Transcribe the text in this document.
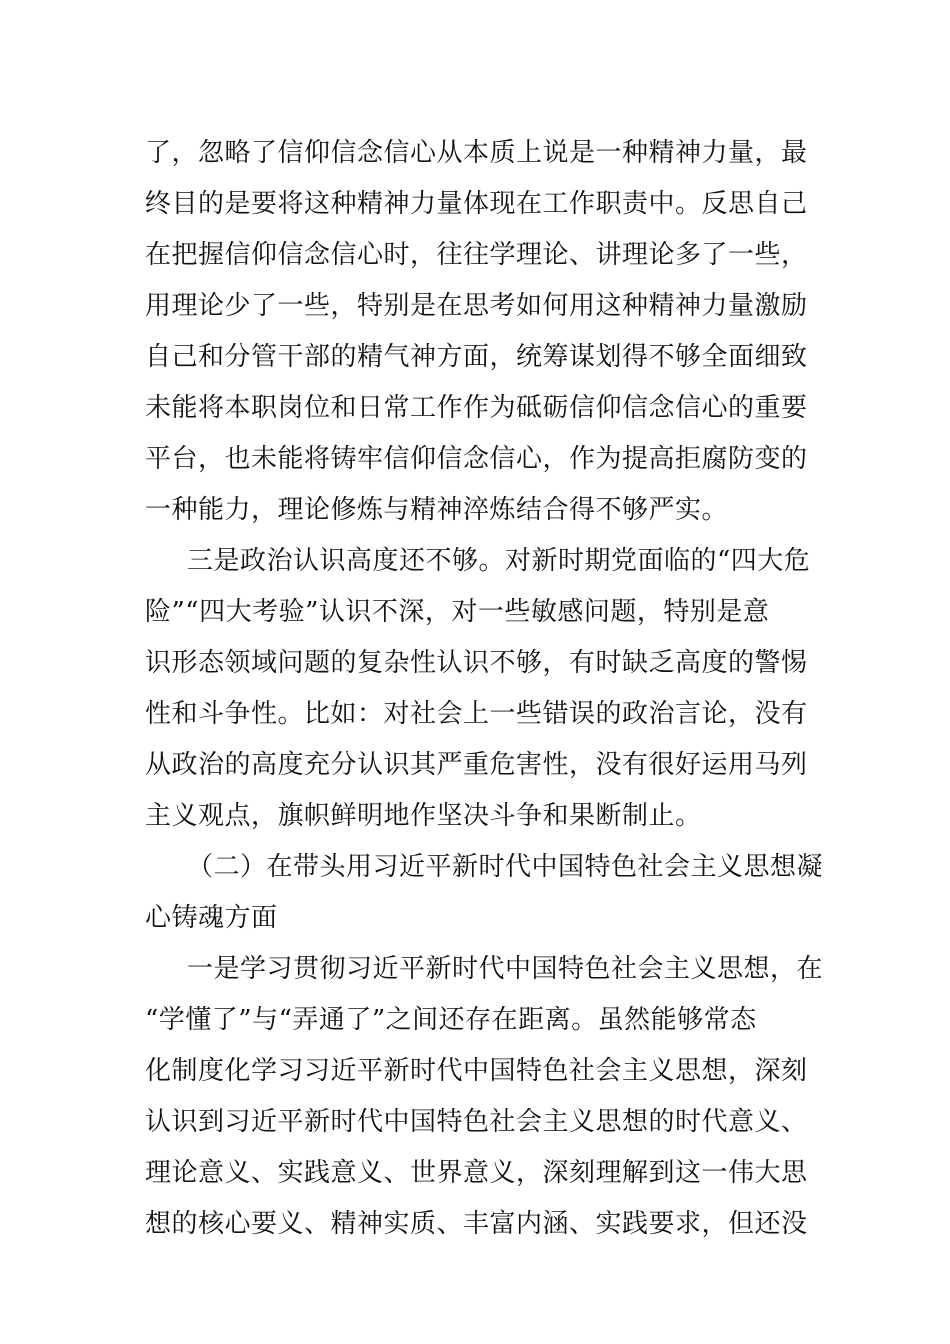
了，忽略了信仰信念信心从本质上说是一种精神力量，最
终目的是要将这种精神力量体现在工作职责中。反思自己
在把握信仰信念信心时，往往学理论、讲理论多了一些，
用理论少了一些，特别是在思考如何用这种精神力量激励
自己和分管干部的精气神方面，统筹谋划得不够全面细致
未能将本职岗位和日常工作作为砥砺信仰信念信心的重要
平台，也未能将铸牢信仰信念信心，作为提高拒腐防变的
一种能力，理论修炼与精神淬炼结合得不够严实。
三是政治认识高度还不够。对新时期党面临的“四大危
险”“四大考验”认识不深，对一些敏感问题，特别是意
识形态领域问题的复杂性认识不够，有时缺乏高度的警惕
性和斗争性。比如：对社会上一些错误的政治言论，没有
从政治的高度充分认识其严重危害性，没有很好运用马列
主义观点，旗帜鲜明地作坚决斗争和果断制止。
（二）在带头用习近平新时代中国特色社会主义思想凝
心铸魂方面
一是学习贯彻习近平新时代中国特色社会主义思想，在
“学懂了”与“弄通了”之间还存在距离。虽然能够常态
化制度化学习习近平新时代中国特色社会主义思想，深刻
认识到习近平新时代中国特色社会主义思想的时代意义、
理论意义、实践意义、世界意义，深刻理解到这一伟大思
想的核心要义、精神实质、丰富内涵、实践要求，但还没
